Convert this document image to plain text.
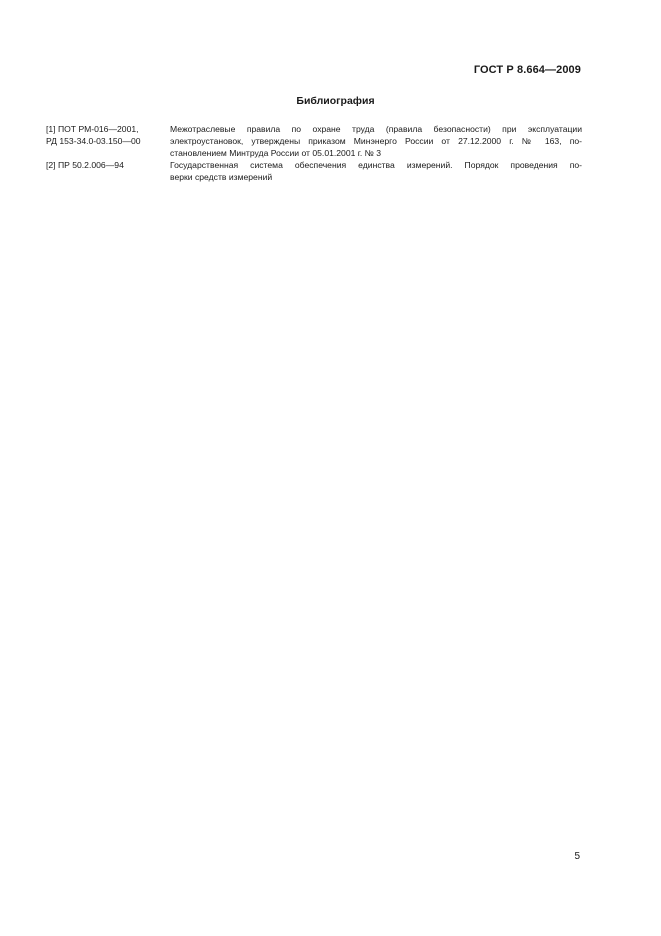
ГОСТ Р 8.664—2009
Библиография
[1] ПОТ РМ-016—2001,
РД 153-34.0-03.150—00
Межотраслевые правила по охране труда (правила безопасности) при эксплуатации
электроустановок, утверждены приказом Минэнерго России от 27.12.2000 г. № 163, по-
становлением Минтруда России от 05.01.2001 г. № 3
[2] ПР 50.2.006—94	Государственная система обеспечения единства измерений. Порядок проведения по-
верки средств измерений
5
